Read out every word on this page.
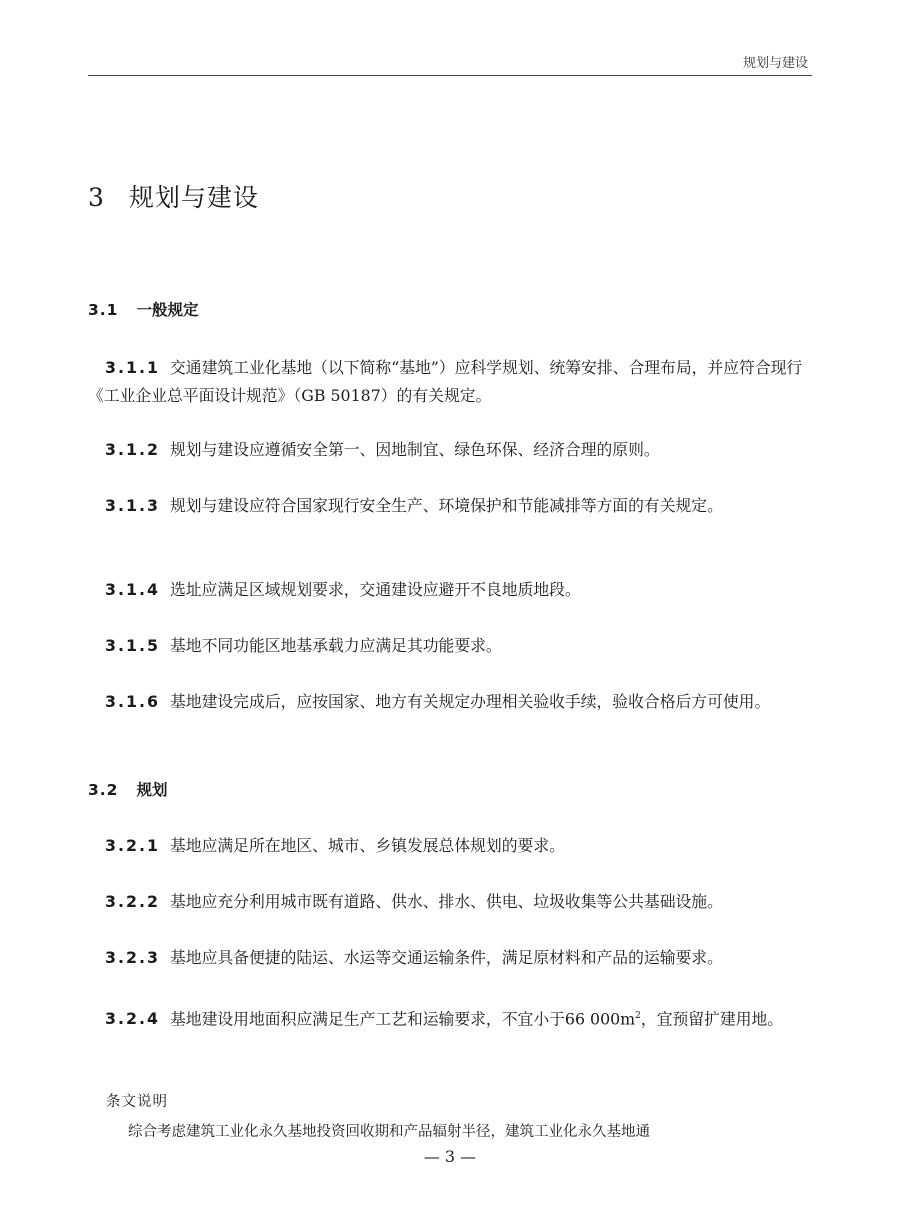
规划与建设
3 规划与建设
3.1 一般规定
3.1.1 交通建筑工业化基地（以下简称“基地”）应科学规划、统筹安排、合理布局，并应符合现行《工业企业总平面设计规范》（GB 50187）的有关规定。
3.1.2 规划与建设应遵循安全第一、因地制宜、绿色环保、经济合理的原则。
3.1.3 规划与建设应符合国家现行安全生产、环境保护和节能减排等方面的有关规定。
3.1.4 选址应满足区域规划要求，交通建设应避开不良地质地段。
3.1.5 基地不同功能区地基承载力应满足其功能要求。
3.1.6 基地建设完成后，应按国家、地方有关规定办理相关验收手续，验收合格后方可使用。
3.2 规划
3.2.1 基地应满足所在地区、城市、乡镇发展总体规划的要求。
3.2.2 基地应充分利用城市既有道路、供水、排水、供电、垃圾收集等公共基础设施。
3.2.3 基地应具备便捷的陆运、水运等交通运输条件，满足原材料和产品的运输要求。
3.2.4 基地建设用地面积应满足生产工艺和运输要求，不宜小于66 $000m^2$，宜预留扩建用地。
条文说明
综合考虑建筑工业化永久基地投资回收期和产品辐射半径，建筑工业化永久基地通
— 3 —
